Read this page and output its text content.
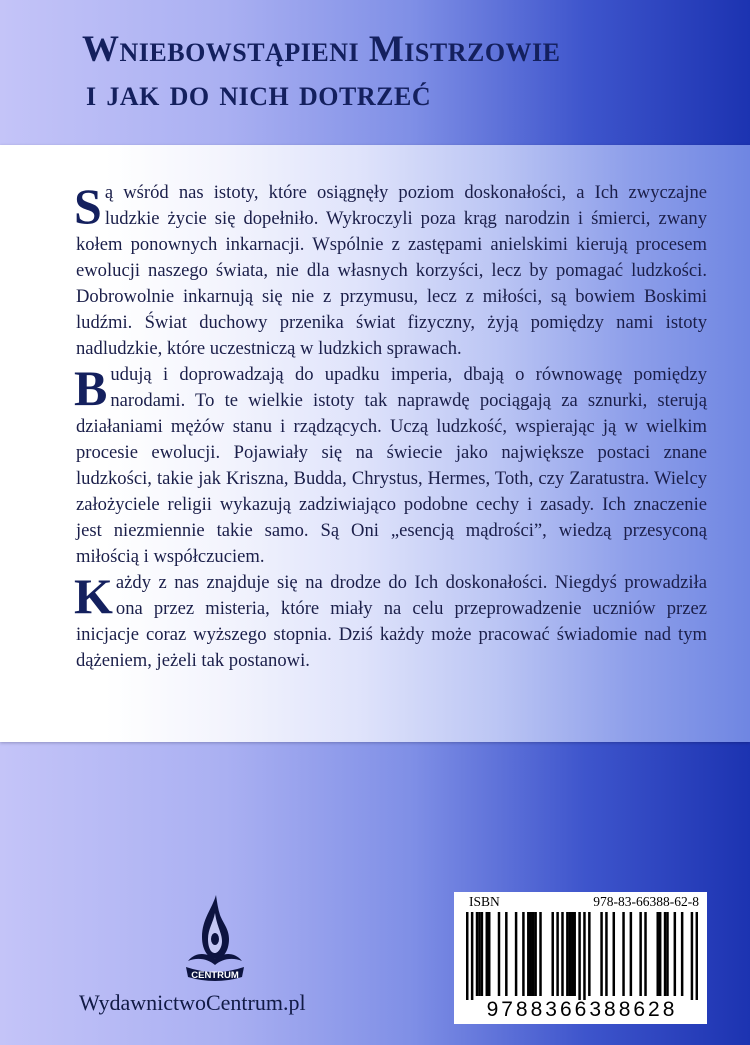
Wniebowstąpieni Mistrzowie
i jak do nich dotrzeć

Są wśród nas istoty, które osiągnęły poziom doskonałości, a Ich zwyczajne ludzkie życie się dopełniło. Wykroczyli poza krąg narodzin i śmierci, zwany kołem ponownych inkarnacji. Wspólnie z zastępami anielskimi kierują procesem ewolucji naszego świata, nie dla własnych korzyści, lecz by pomagać ludzkości. Dobrowolnie inkarnują się nie z przymusu, lecz z miłości, są bowiem Boskimi ludźmi. Świat duchowy przenika świat fizyczny, żyją pomiędzy nami istoty nadludzkie, które uczestniczą w ludzkich sprawach.

Budują i doprowadzają do upadku imperia, dbają o równowagę pomiędzy narodami. To te wielkie istoty tak naprawdę pociągają za sznurki, sterują działaniami mężów stanu i rządzących. Uczą ludzkość, wspierając ją w wielkim procesie ewolucji. Pojawiały się na świecie jako największe postaci znane ludzkości, takie jak Kriszna, Budda, Chrystus, Hermes, Toth, czy Zaratustra. Wielcy założyciele religii wykazują zadziwiająco podobne cechy i zasady. Ich znaczenie jest niezmiennie takie samo. Są Oni „esencją mądrości”, wiedzą przesyconą miłością i współczuciem.

Każdy z nas znajduje się na drodze do Ich doskonałości. Niegdyś prowadziła ona przez misteria, które miały na celu przeprowadzenie uczniów przez inicjacje coraz wyższego stopnia. Dziś każdy może pracować świadomie nad tym dążeniem, jeżeli tak postanowi.

CENTRUM
WydawnictwoCentrum.pl
ISBN	978-83-66388-62-8
9788366388628
